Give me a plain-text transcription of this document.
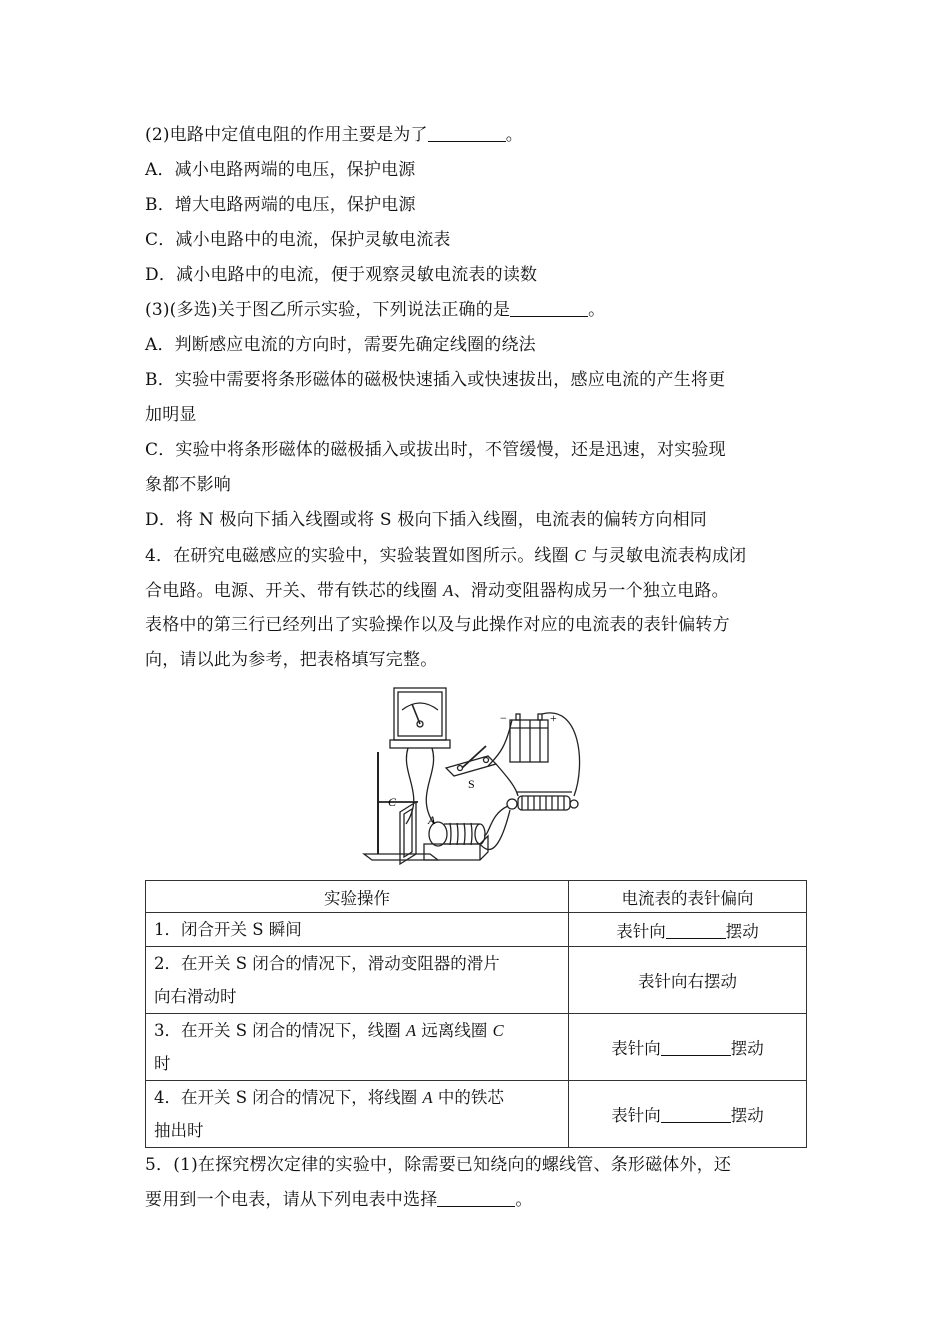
(2)电路中定值电阻的作用主要是为了	。
A．减小电路两端的电压，保护电源
B．增大电路两端的电压，保护电源
C．减小电路中的电流，保护灵敏电流表
D．减小电路中的电流，便于观察灵敏电流表的读数
(3)(多选)关于图乙所示实验，下列说法正确的是	。
A．判断感应电流的方向时，需要先确定线圈的绕法
B．实验中需要将条形磁体的磁极快速插入或快速拔出，感应电流的产生将更
加明显
C．实验中将条形磁体的磁极插入或拔出时，不管缓慢，还是迅速，对实验现
象都不影响
D．将 N 极向下插入线圈或将 S 极向下插入线圈，电流表的偏转方向相同
4．在研究电磁感应的实验中，实验装置如图所示。线圈 C 与灵敏电流表构成闭
合电路。电源、开关、带有铁芯的线圈 A、滑动变阻器构成另一个独立电路。
表格中的第三行已经列出了实验操作以及与此操作对应的电流表的表针偏转方
向，请以此为参考，把表格填写完整。
C
A
S
−	+
实验操作	电流表的表针偏向
1．闭合开关 S 瞬间	表针向 摆动
2．在开关 S 闭合的情况下，滑动变阻器的滑片
向右滑动时	表针向右摆动
3．在开关 S 闭合的情况下，线圈 A 远离线圈 C
时	表针向 摆动
4．在开关 S 闭合的情况下，将线圈 A 中的铁芯
抽出时	表针向 摆动
5．(1)在探究楞次定律的实验中，除需要已知绕向的螺线管、条形磁体外，还
要用到一个电表，请从下列电表中选择	。
